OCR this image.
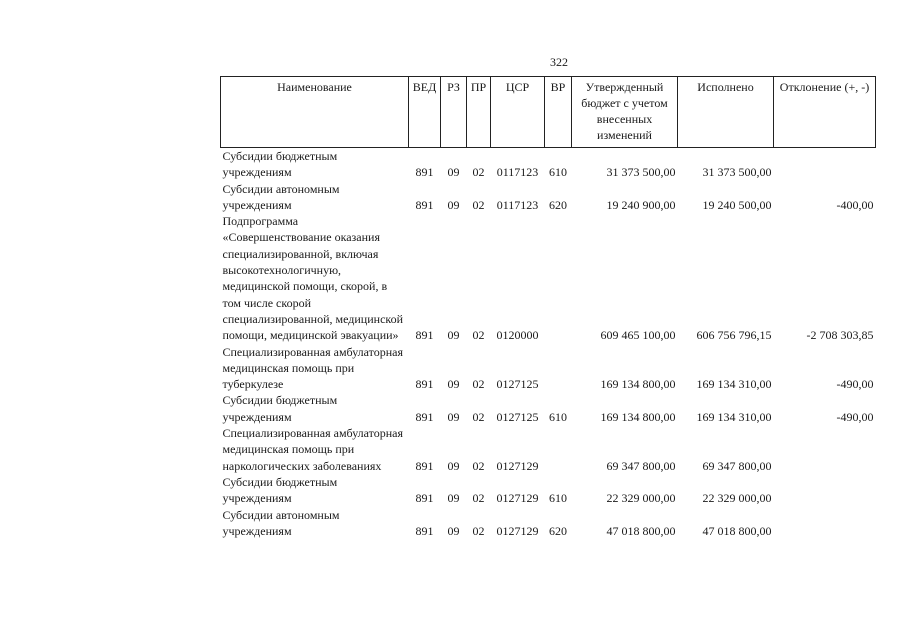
322
Наименование	ВЕД	РЗ	ПР	ЦСР	ВР	Утвержденный бюджет с учетом внесенных изменений	Исполнено	Отклонение (+, -)
Субсидии бюджетным учреждениям	891	09	02	0117123	610	31 373 500,00	31 373 500,00	
Субсидии автономным учреждениям	891	09	02	0117123	620	19 240 900,00	19 240 500,00	-400,00
Подпрограмма «Совершенствование оказания специализированной, включая высокотехнологичную, медицинской помощи, скорой, в том числе скорой специализированной, медицинской помощи, медицинской эвакуации»	891	09	02	0120000		609 465 100,00	606 756 796,15	-2 708 303,85
Специализированная амбулаторная медицинская помощь при туберкулезе	891	09	02	0127125		169 134 800,00	169 134 310,00	-490,00
Субсидии бюджетным учреждениям	891	09	02	0127125	610	169 134 800,00	169 134 310,00	-490,00
Специализированная амбулаторная медицинская помощь при наркологических заболеваниях	891	09	02	0127129		69 347 800,00	69 347 800,00	
Субсидии бюджетным учреждениям	891	09	02	0127129	610	22 329 000,00	22 329 000,00	
Субсидии автономным учреждениям	891	09	02	0127129	620	47 018 800,00	47 018 800,00	
